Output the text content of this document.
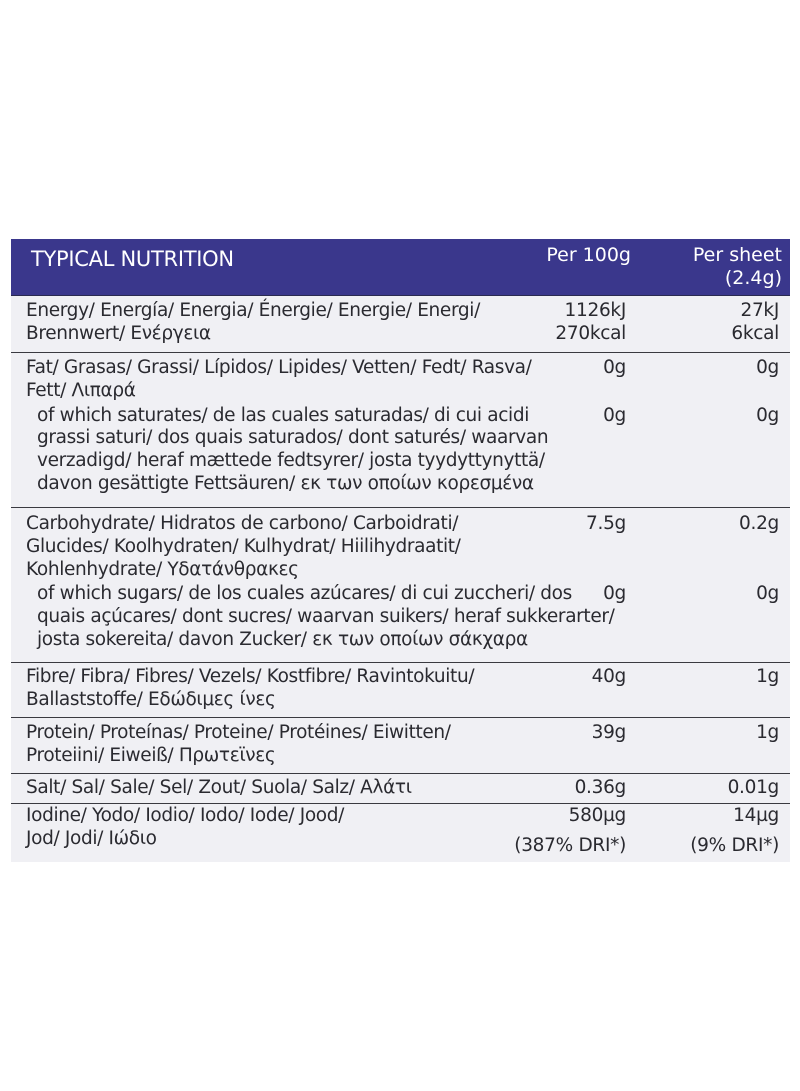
TYPICAL NUTRITION	Per 100g	Per sheet
(2.4g)
Energy/ Energía/ Energia/ Énergie/ Energie/ Energi/	1126kJ	27kJ
Brennwert/ Ενέργεια	270kcal	6kcal
Fat/ Grasas/ Grassi/ Lípidos/ Lipides/ Vetten/ Fedt/ Rasva/	0g	0g
Fett/ Λιπαρά
of which saturates/ de las cuales saturadas/ di cui acidi	0g	0g
grassi saturi/ dos quais saturados/ dont saturés/ waarvan
verzadigd/ heraf mættede fedtsyrer/ josta tyydyttynyttä/
davon gesättigte Fettsäuren/ εκ των οποίων κορεσμένα
Carbohydrate/ Hidratos de carbono/ Carboidrati/	7.5g	0.2g
Glucides/ Koolhydraten/ Kulhydrat/ Hiilihydraatit/
Kohlenhydrate/ Υδατάνθρακες
of which sugars/ de los cuales azúcares/ di cui zuccheri/ dos 0g	0g
quais açúcares/ dont sucres/ waarvan suikers/ heraf sukkerarter/
josta sokereita/ davon Zucker/ εκ των οποίων σάκχαρα
Fibre/ Fibra/ Fibres/ Vezels/ Kostfibre/ Ravintokuitu/	40g	1g
Ballaststoffe/ Εδώδιμες ίνες
Protein/ Proteínas/ Proteine/ Protéines/ Eiwitten/	39g	1g
Proteiini/ Eiweiß/ Πρωτεϊνες
Salt/ Sal/ Sale/ Sel/ Zout/ Suola/ Salz/ Αλάτι	0.36g	0.01g
Iodine/ Yodo/ Iodio/ Iodo/ Iode/ Jood/	580µg	14µg
Jod/ Jodi/ Ιώδιο	(387% DRI*)	(9% DRI*)
